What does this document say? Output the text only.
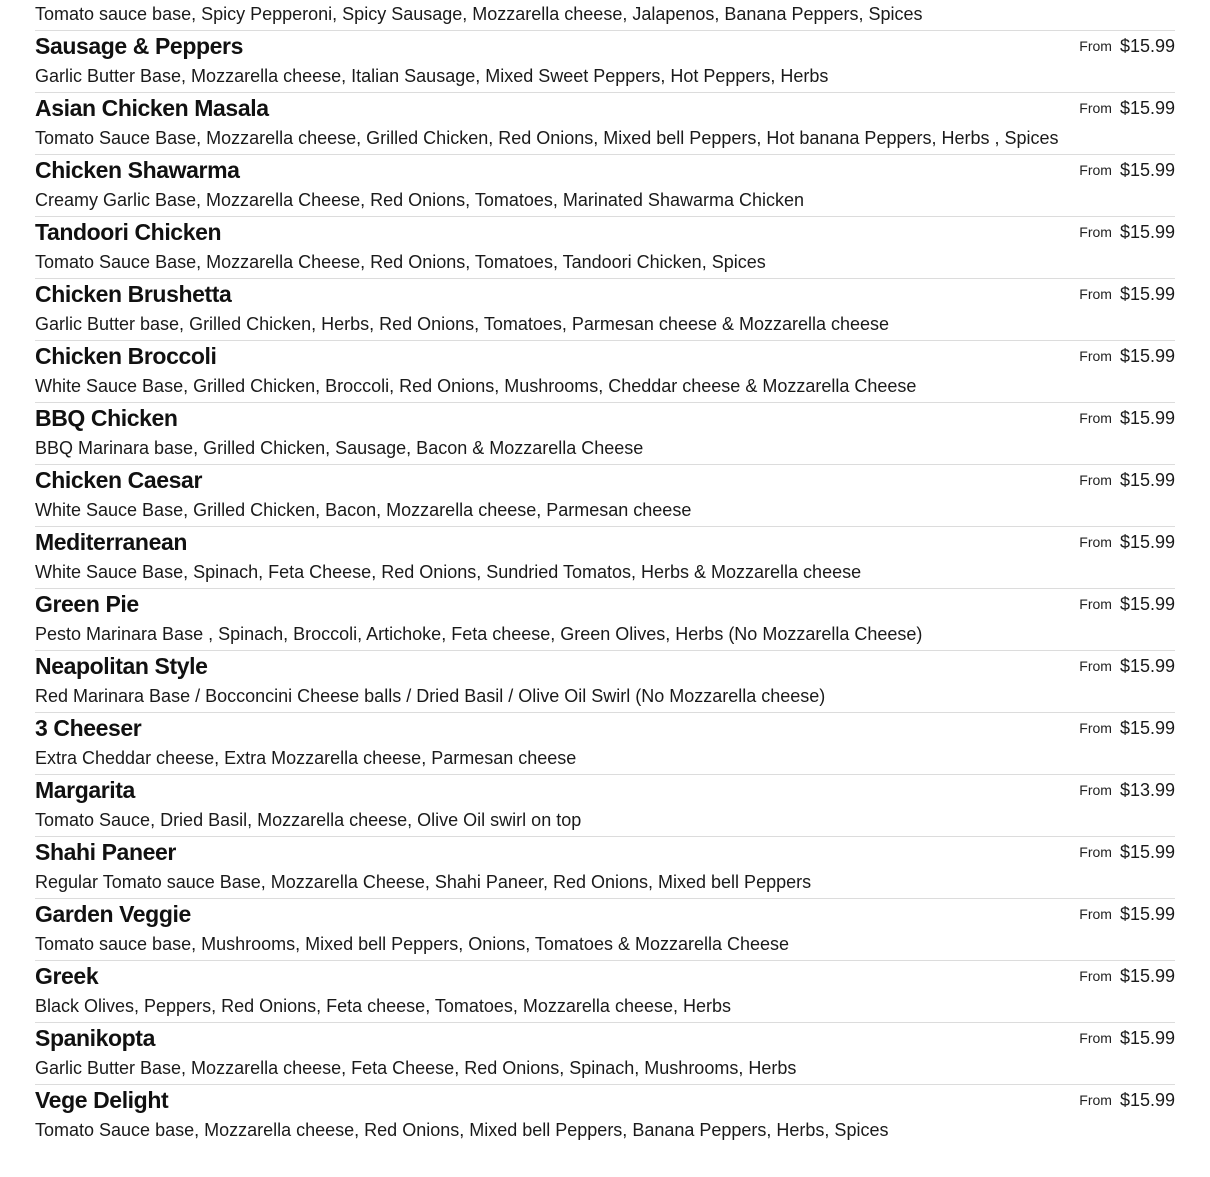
Tomato sauce base, Spicy Pepperoni, Spicy Sausage, Mozzarella cheese, Jalapenos, Banana Peppers, Spices
Sausage & Peppers	From $15.99
Garlic Butter Base, Mozzarella cheese, Italian Sausage, Mixed Sweet Peppers, Hot Peppers, Herbs
Asian Chicken Masala	From $15.99
Tomato Sauce Base, Mozzarella cheese, Grilled Chicken, Red Onions, Mixed bell Peppers, Hot banana Peppers, Herbs , Spices
Chicken Shawarma	From $15.99
Creamy Garlic Base, Mozzarella Cheese, Red Onions, Tomatoes, Marinated Shawarma Chicken
Tandoori Chicken	From $15.99
Tomato Sauce Base, Mozzarella Cheese, Red Onions, Tomatoes, Tandoori Chicken, Spices
Chicken Brushetta	From $15.99
Garlic Butter base, Grilled Chicken, Herbs, Red Onions, Tomatoes, Parmesan cheese & Mozzarella cheese
Chicken Broccoli	From $15.99
White Sauce Base, Grilled Chicken, Broccoli, Red Onions, Mushrooms, Cheddar cheese & Mozzarella Cheese
BBQ Chicken	From $15.99
BBQ Marinara base, Grilled Chicken, Sausage, Bacon & Mozzarella Cheese
Chicken Caesar	From $15.99
White Sauce Base, Grilled Chicken, Bacon, Mozzarella cheese, Parmesan cheese
Mediterranean	From $15.99
White Sauce Base, Spinach, Feta Cheese, Red Onions, Sundried Tomatos, Herbs & Mozzarella cheese
Green Pie	From $15.99
Pesto Marinara Base , Spinach, Broccoli, Artichoke, Feta cheese, Green Olives, Herbs (No Mozzarella Cheese)
Neapolitan Style	From $15.99
Red Marinara Base / Bocconcini Cheese balls / Dried Basil / Olive Oil Swirl (No Mozzarella cheese)
3 Cheeser	From $15.99
Extra Cheddar cheese, Extra Mozzarella cheese, Parmesan cheese
Margarita	From $13.99
Tomato Sauce, Dried Basil, Mozzarella cheese, Olive Oil swirl on top
Shahi Paneer	From $15.99
Regular Tomato sauce Base, Mozzarella Cheese, Shahi Paneer, Red Onions, Mixed bell Peppers
Garden Veggie	From $15.99
Tomato sauce base, Mushrooms, Mixed bell Peppers, Onions, Tomatoes & Mozzarella Cheese
Greek	From $15.99
Black Olives, Peppers, Red Onions, Feta cheese, Tomatoes, Mozzarella cheese, Herbs
Spanikopta	From $15.99
Garlic Butter Base, Mozzarella cheese, Feta Cheese, Red Onions, Spinach, Mushrooms, Herbs
Vege Delight	From $15.99
Tomato Sauce base, Mozzarella cheese, Red Onions, Mixed bell Peppers, Banana Peppers, Herbs, Spices
